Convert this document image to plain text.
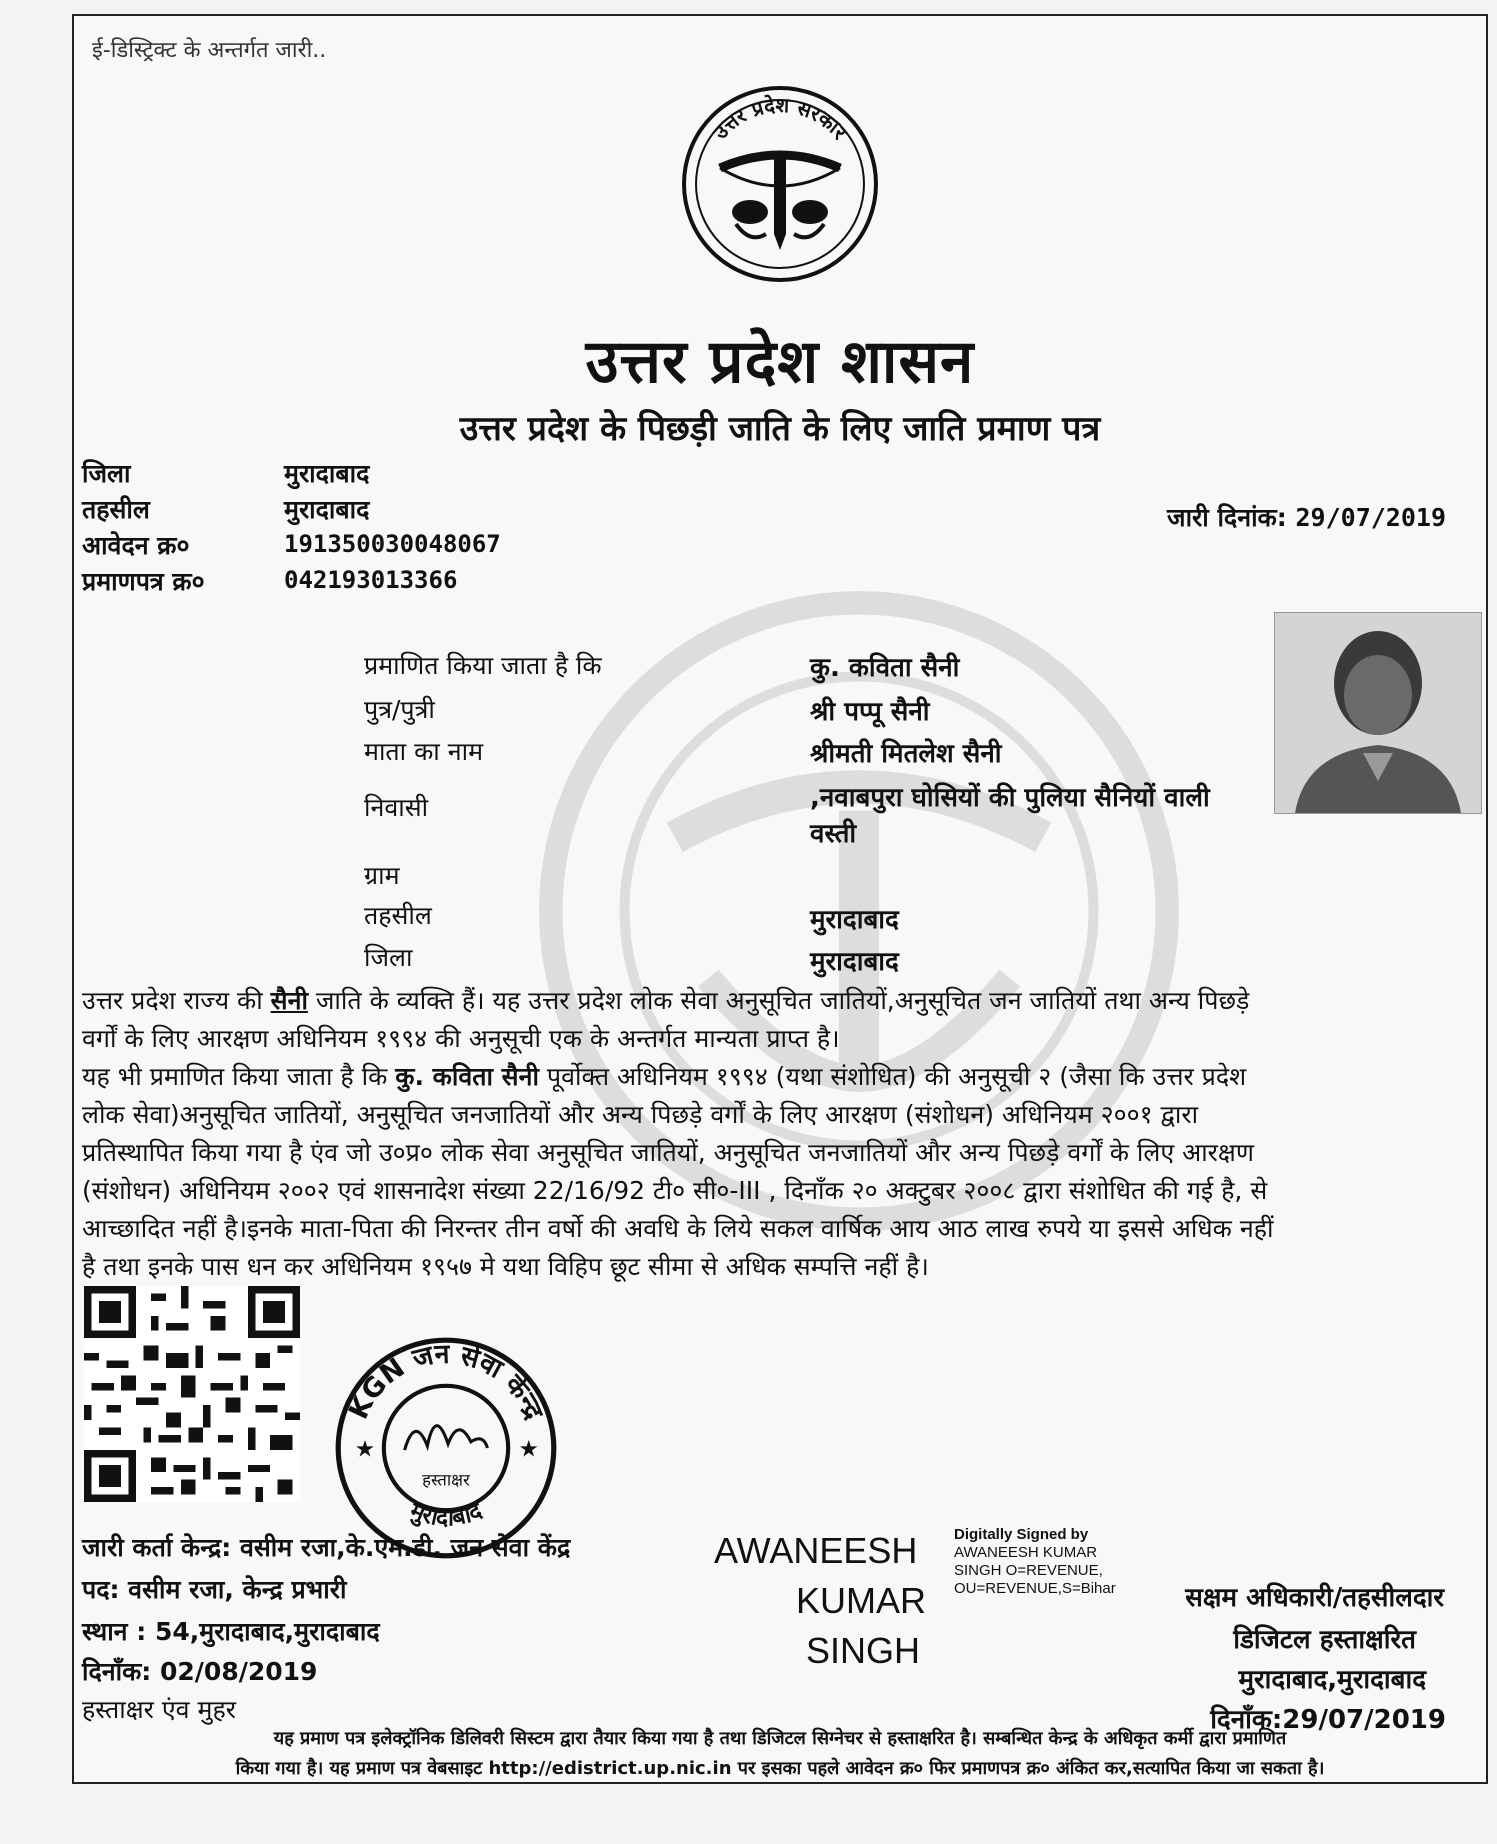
ई-डिस्ट्रिक्ट के अन्तर्गत जारी..
उत्तर प्रदेश सरकार
उत्तर प्रदेश शासन
उत्तर प्रदेश के पिछड़ी जाति के लिए जाति प्रमाण पत्र
जिला	मुरादाबाद
तहसील	मुरादाबाद
आवेदन क्र०	191350030048067
प्रमाणपत्र क्र०	042193013366
जारी दिनांक: 29/07/2019
प्रमाणित किया जाता है कि	कु. कविता सैनी
पुत्र/पुत्री	श्री पप्पू सैनी
माता का नाम	श्रीमती मितलेश सैनी
निवासी	,नवाबपुरा घोसियों की पुलिया सैनियों वाली
वस्ती
ग्राम
तहसील	मुरादाबाद
जिला	मुरादाबाद
उत्तर प्रदेश राज्य की सैनी जाति के व्यक्ति हैं। यह उत्तर प्रदेश लोक सेवा अनुसूचित जातियों,अनुसूचित जन जातियों तथा अन्य पिछड़े
वर्गों के लिए आरक्षण अधिनियम १९९४ की अनुसूची एक के अन्तर्गत मान्यता प्राप्त है।
यह भी प्रमाणित किया जाता है कि कु. कविता सैनी पूर्वोक्त अधिनियम १९९४ (यथा संशोधित) की अनुसूची २ (जैसा कि उत्तर प्रदेश
लोक सेवा)अनुसूचित जातियों, अनुसूचित जनजातियों और अन्य पिछड़े वर्गों के लिए आरक्षण (संशोधन) अधिनियम २००१ द्वारा
प्रतिस्थापित किया गया है एंव जो उ०प्र० लोक सेवा अनुसूचित जातियों, अनुसूचित जनजातियों और अन्य पिछड़े वर्गों के लिए आरक्षण
(संशोधन) अधिनियम २००२ एवं शासनादेश संख्या 22/16/92 टी० सी०-III , दिनाँक २० अक्टुबर २००८ द्वारा संशोधित की गई है, से
आच्छादित नहीं है।इनके माता-पिता की निरन्तर तीन वर्षो की अवधि के लिये सकल वार्षिक आय आठ लाख रुपये या इससे अधिक नहीं
है तथा इनके पास धन कर अधिनियम १९५७ मे यथा विहिप छूट सीमा से अधिक सम्पत्ति नहीं है।
KGN जन सेवा केन्द्र
मुरादाबाद
★	★
हस्ताक्षर
जारी कर्ता केन्द्र: वसीम रजा,के.एम.डी. जन सेवा केंद्र
पद: वसीम रजा, केन्द्र प्रभारी
स्थान : 54,मुरादाबाद,मुरादाबाद
दिनाँक: 02/08/2019
हस्ताक्षर एंव मुहर
AWANEESH
KUMAR
SINGH
Digitally Signed by
AWANEESH KUMAR
SINGH O=REVENUE,
OU=REVENUE,S=Bihar	सक्षम अधिकारी/तहसीलदार
डिजिटल हस्ताक्षरित
मुरादाबाद,मुरादाबाद
दिनाँक:29/07/2019
यह प्रमाण पत्र इलेक्ट्रॉनिक डिलिवरी सिस्टम द्वारा तैयार किया गया है तथा डिजिटल सिग्नेचर से हस्ताक्षरित है। सम्बन्धित केन्द्र के अधिकृत कर्मी द्वारा प्रमाणित
किया गया है। यह प्रमाण पत्र वेबसाइट http://edistrict.up.nic.in पर इसका पहले आवेदन क्र० फिर प्रमाणपत्र क्र० अंकित कर,सत्यापित किया जा सकता है।
